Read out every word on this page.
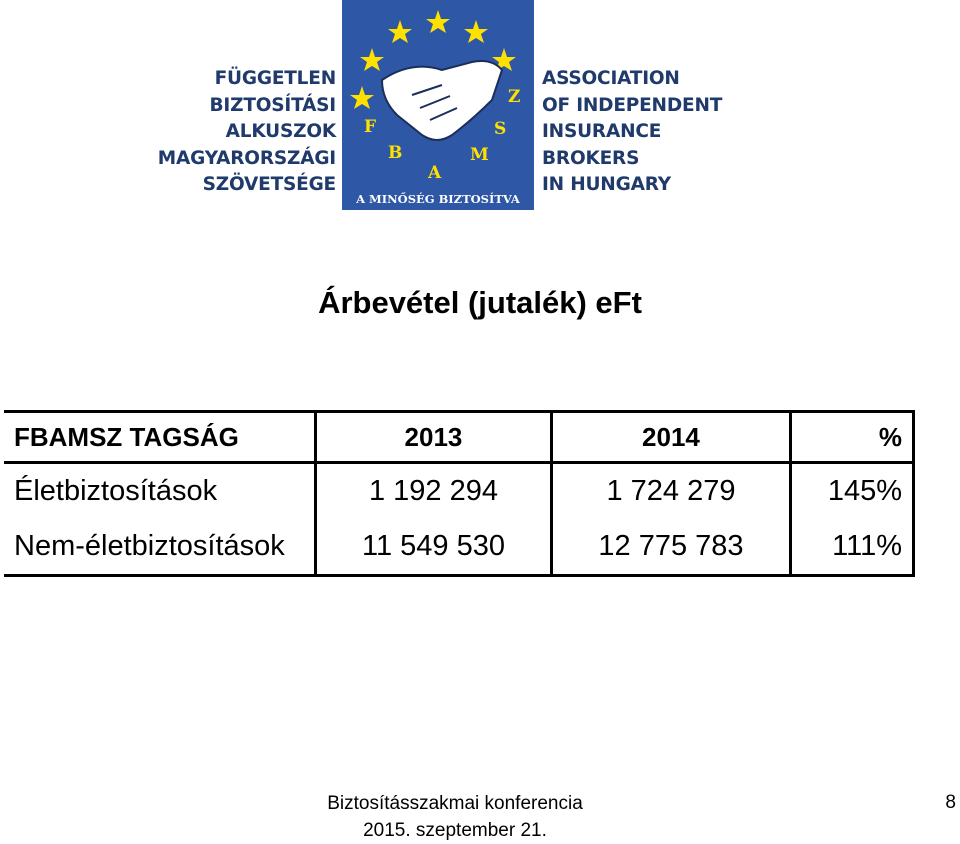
FÜGGETLEN
BIZTOSÍTÁSI
ALKUSZOK
MAGYARORSZÁGI
SZÖVETSÉGE
F
B
A
M
S
Z
A MINŐSÉG BIZTOSÍTVA
ASSOCIATION
OF INDEPENDENT
INSURANCE
BROKERS
IN HUNGARY
Árbevétel (jutalék) eFt
FBAMSZ TAGSÁG	2013	2014	%
Életbiztosítások	1 192 294	1 724 279	145%
Nem-életbiztosítások	11 549 530	12 775 783	111%
Biztosításszakmai konferencia
2015. szeptember 21.
8
